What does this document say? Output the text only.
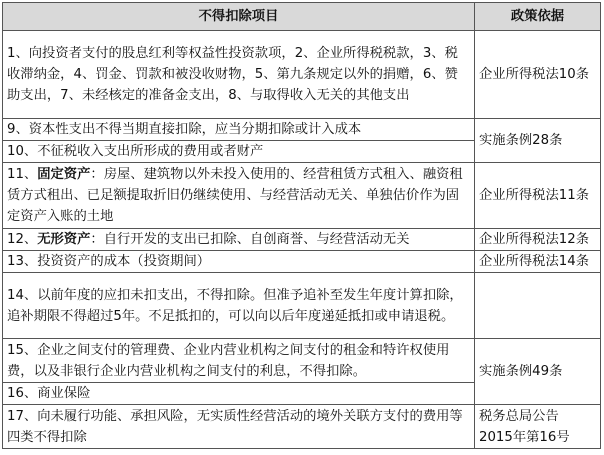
不得扣除项目	政策依据
1、向投资者支付的股息红利等权益性投资款项，2、企业所得税税款，3、税收滞纳金，4、罚金、罚款和被没收财物，5、第九条规定以外的捐赠，6、赞助支出，7、未经核定的准备金支出，8、与取得收入无关的其他支出	企业所得税法10条
9、资本性支出不得当期直接扣除，应当分期扣除或计入成本	实施条例28条
10、不征税收入支出所形成的费用或者财产	
11、固定资产：房屋、建筑物以外未投入使用的、经营租赁方式租入、融资租赁方式租出、已足额提取折旧仍继续使用、与经营活动无关、单独估价作为固定资产入账的土地	企业所得税法11条
12、无形资产：自行开发的支出已扣除、自创商誉、与经营活动无关	企业所得税法12条
13、投资资产的成本（投资期间）	企业所得税法14条
14、以前年度的应扣未扣支出，不得扣除。但准予追补至发生年度计算扣除，追补期限不得超过5年。不足抵扣的，可以向以后年度递延抵扣或申请退税。	
15、企业之间支付的管理费、企业内营业机构之间支付的租金和特许权使用费，以及非银行企业内营业机构之间支付的利息，不得扣除。	实施条例49条
16、商业保险	
17、向未履行功能、承担风险，无实质性经营活动的境外关联方支付的费用等四类不得扣除	税务总局公告
2015年第16号
